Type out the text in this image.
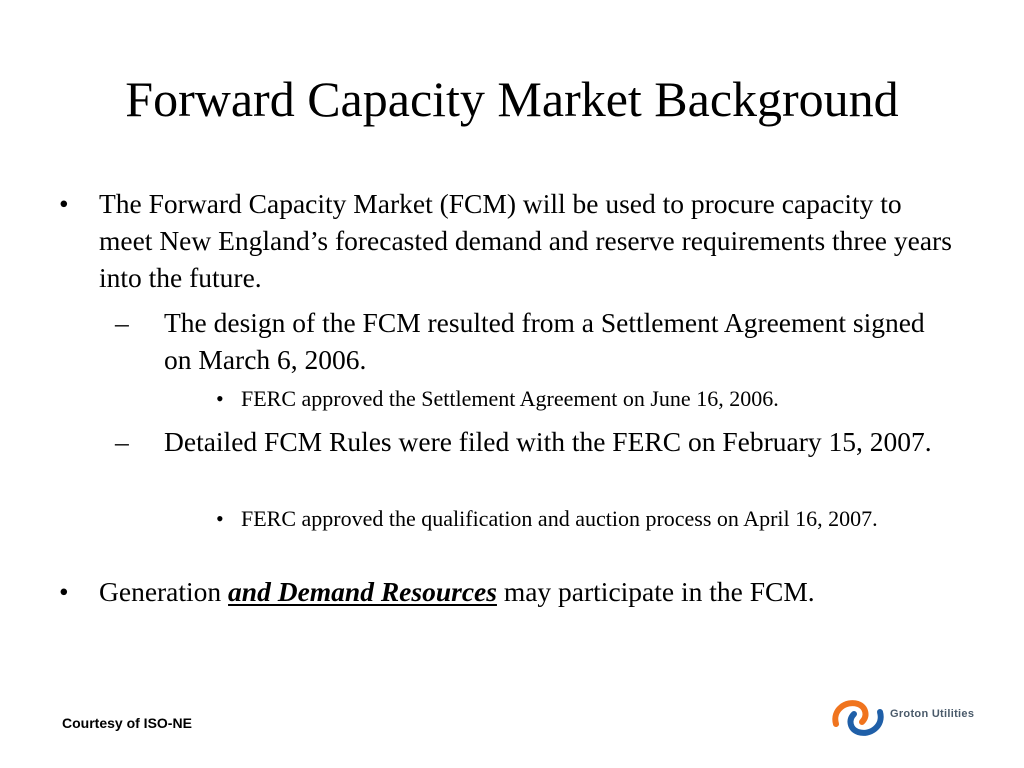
Forward Capacity Market Background
• The Forward Capacity Market (FCM) will be used to procure capacity to meet New England’s forecasted demand and reserve requirements three years into the future.
– The design of the FCM resulted from a Settlement Agreement signed on March 6, 2006.
• FERC approved the Settlement Agreement on June 16, 2006.
– Detailed FCM Rules were filed with the FERC on February 15, 2007.
• FERC approved the qualification and auction process on April 16, 2007.
• Generation and Demand Resources may participate in the FCM.
Courtesy of ISO-NE
Groton Utilities
